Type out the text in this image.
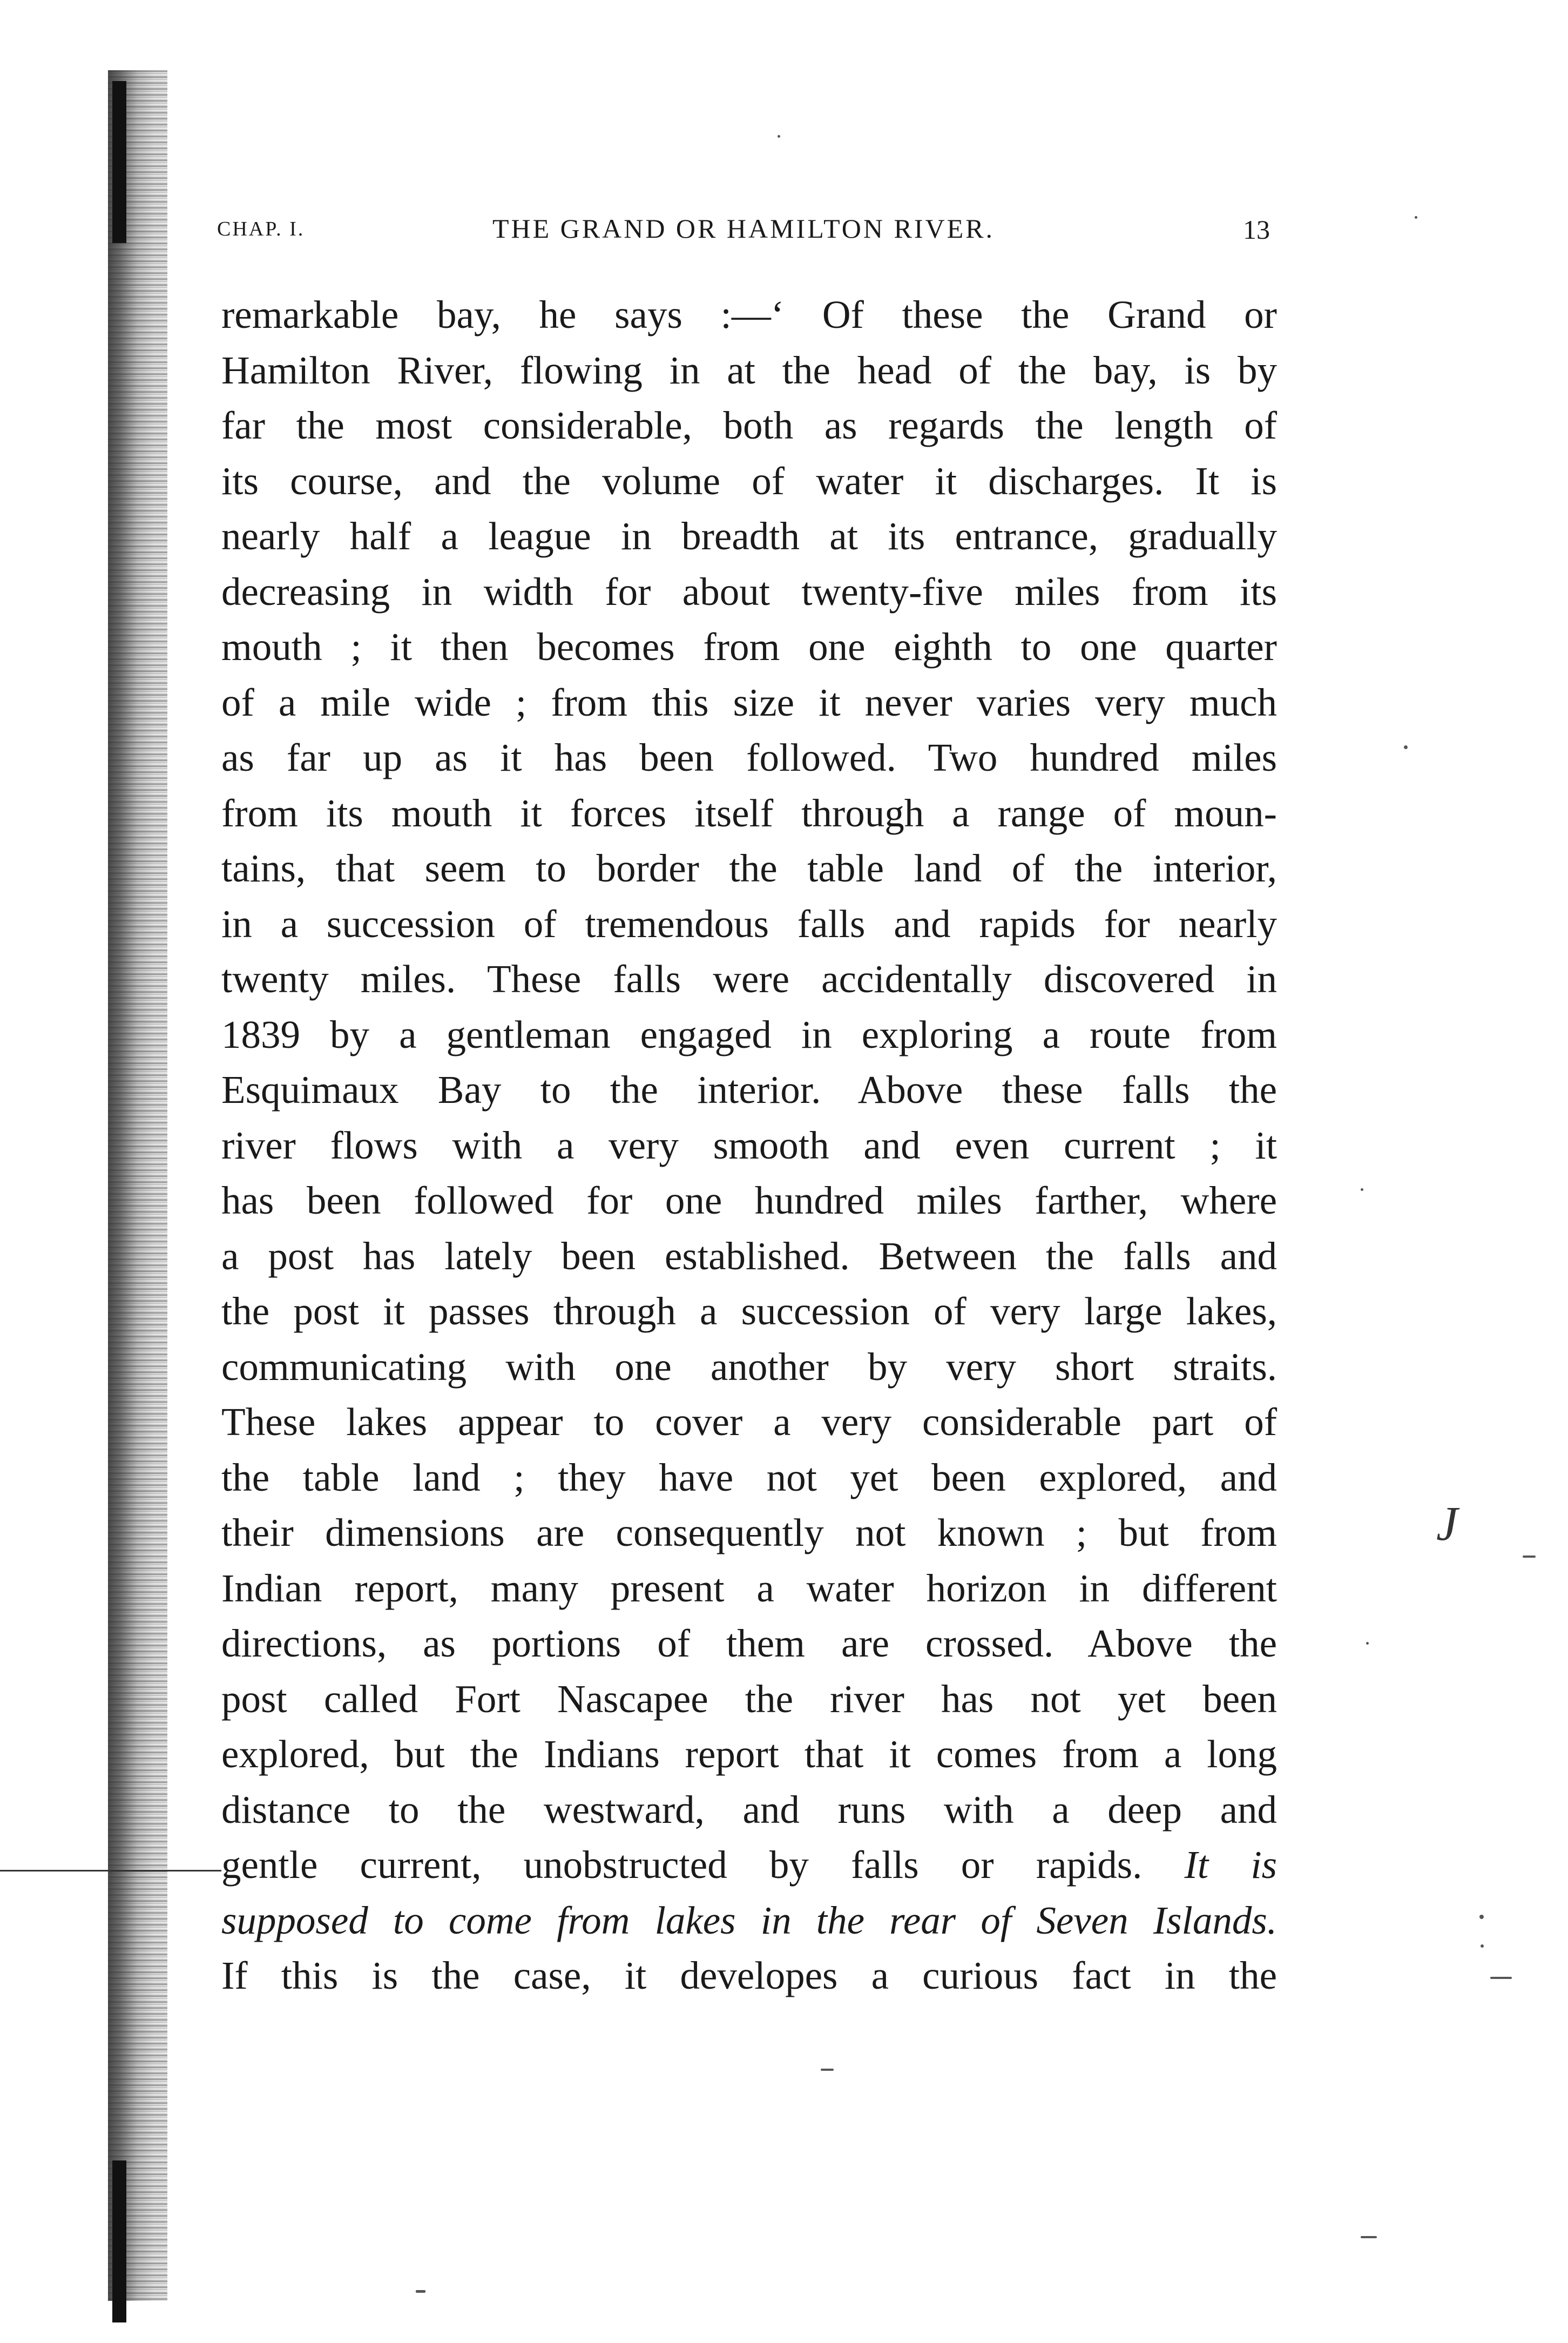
CHAP. I.	THE GRAND OR HAMILTON RIVER.	13
remarkable bay, he says :—‘ Of these the Grand or
Hamilton River, flowing in at the head of the bay, is by
far the most considerable, both as regards the length of
its course, and the volume of water it discharges. It is
nearly half a league in breadth at its entrance, gradually
decreasing in width for about twenty-five miles from its
mouth ; it then becomes from one eighth to one quarter
of a mile wide ; from this size it never varies very much
as far up as it has been followed. Two hundred miles
from its mouth it forces itself through a range of moun-
tains, that seem to border the table land of the interior,
in a succession of tremendous falls and rapids for nearly
twenty miles. These falls were accidentally discovered in
1839 by a gentleman engaged in exploring a route from
Esquimaux Bay to the interior. Above these falls the
river flows with a very smooth and even current ; it
has been followed for one hundred miles farther, where
a post has lately been established. Between the falls and
the post it passes through a succession of very large lakes,
communicating with one another by very short straits.
These lakes appear to cover a very considerable part of
the table land ; they have not yet been explored, and
their dimensions are consequently not known ; but from
Indian report, many present a water horizon in different
directions, as portions of them are crossed. Above the
post called Fort Nascapee the river has not yet been
explored, but the Indians report that it comes from a long
distance to the westward, and runs with a deep and
gentle current, unobstructed by falls or rapids. It is
supposed to come from lakes in the rear of Seven Islands.
If this is the case, it developes a curious fact in the
J
